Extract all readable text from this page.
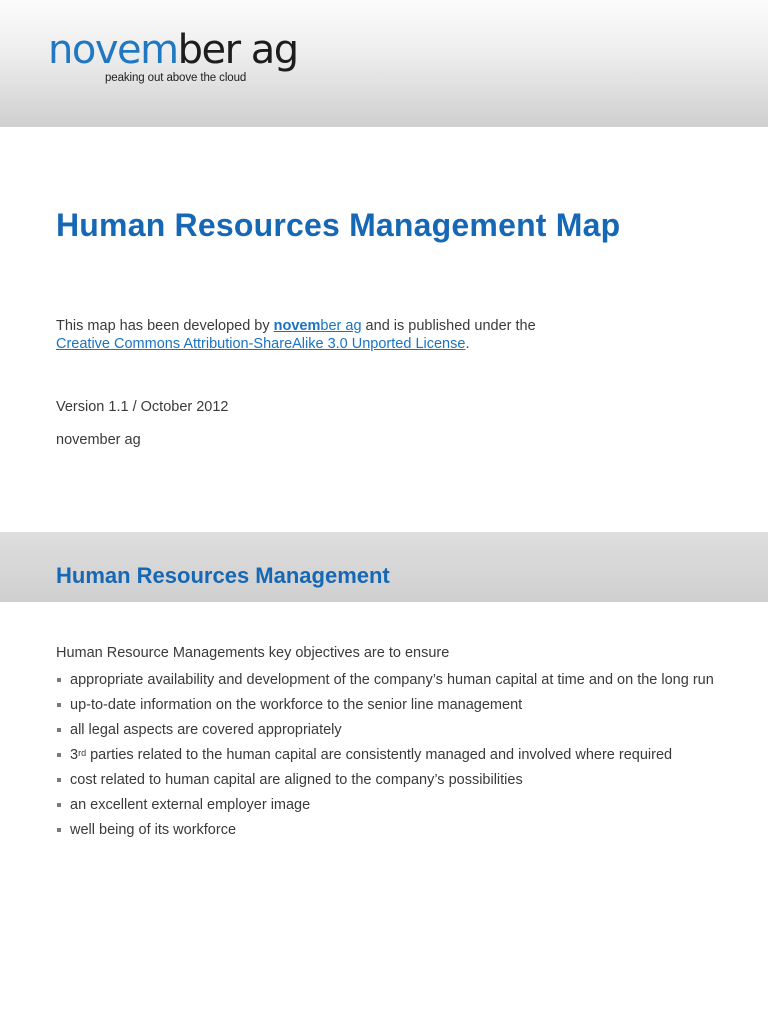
november ag
peaking out above the cloud
Human Resources Management Map
This map has been developed by november ag and is published under the
Creative Commons Attribution-ShareAlike 3.0 Unported License.
Version 1.1 / October 2012
november ag
Human Resources Management
Human Resource Managements key objectives are to ensure
appropriate availability and development of the company’s human capital at time and on the long run
up-to-date information on the workforce to the senior line management
all legal aspects are covered appropriately
3rd parties related to the human capital are consistently managed and involved where required
cost related to human capital are aligned to the company’s possibilities
an excellent external employer image
well being of its workforce
